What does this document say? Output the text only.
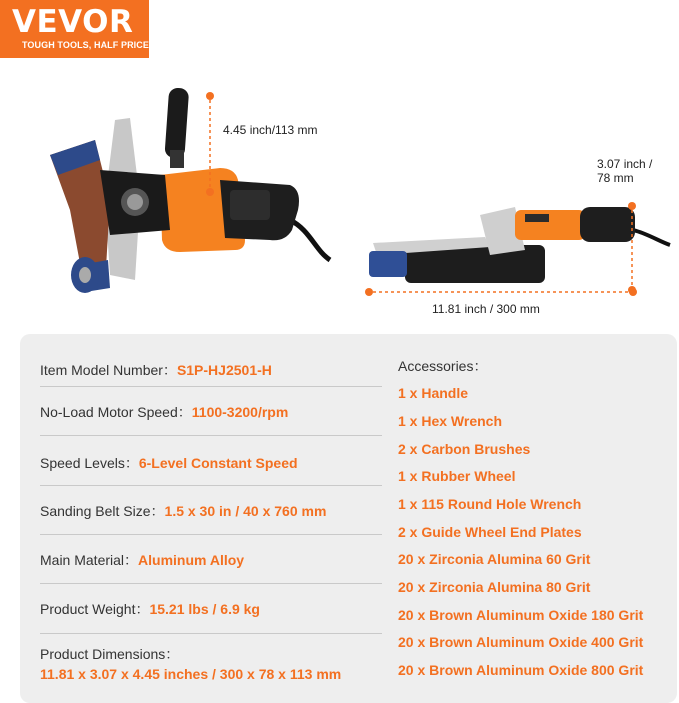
VEVOR
TOUGH TOOLS, HALF PRICE
4.45 inch/113 mm
3.07 inch /
78 mm
11.81 inch / 300 mm
Item Model Number：S1P-HJ2501-H
No-Load Motor Speed：1100-3200/rpm
Speed Levels：6-Level Constant Speed
Sanding Belt Size：1.5 x 30 in / 40 x 760 mm
Main Material：Aluminum Alloy
Product Weight：15.21 lbs / 6.9 kg
Product Dimensions：
11.81 x 3.07 x 4.45 inches / 300 x 78 x 113 mm
Accessories：
1 x Handle
1 x Hex Wrench
2 x Carbon Brushes
1 x Rubber Wheel
1 x 115 Round Hole Wrench
2 x Guide Wheel End Plates
20 x Zirconia Alumina 60 Grit
20 x Zirconia Alumina 80 Grit
20 x Brown Aluminum Oxide 180 Grit
20 x Brown Aluminum Oxide 400 Grit
20 x Brown Aluminum Oxide 800 Grit
